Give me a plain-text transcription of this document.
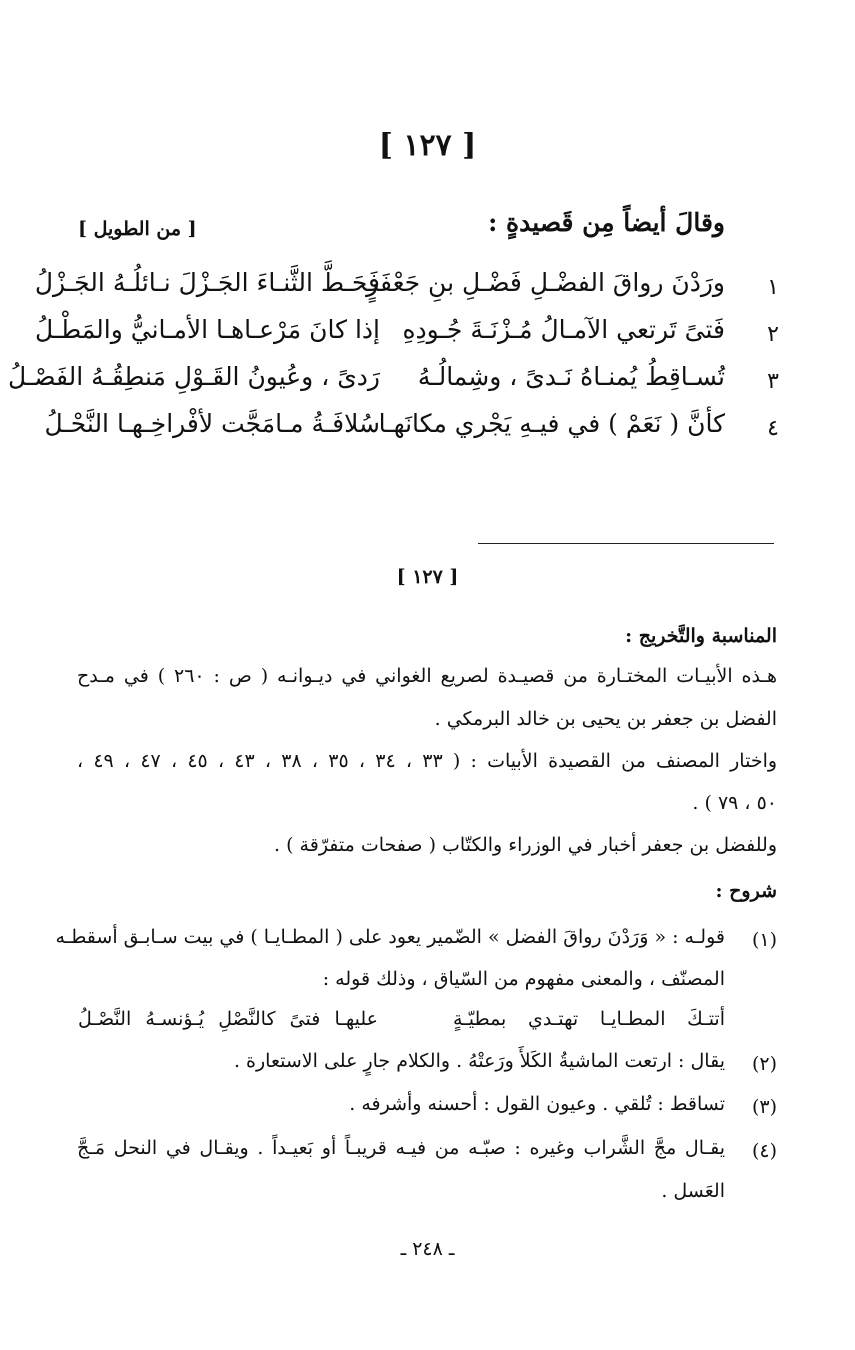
[ ١٢٧ ]
وقالَ أيضاً مِن قَصيدةٍ :
[ من الطويل ]
١
ورَدْنَ رواقَ الفضْـلِ فَضْـلِ بنِ جَعْفَرٍ
فَحَـطَّ الثَّنـاءَ الجَـزْلَ نـائلُـهُ الجَـزْلُ
٢
فَتىً تَرتعي الآمـالُ مُـزْنَـةَ جُـودِهِ
إذا كانَ مَرْعـاهـا الأمـانيُّ والمَطْـلُ
٣
تُسـاقِطُ يُمنـاهُ نَـدىً ، وشِمالُـهُ
رَدىً ، وعُيونُ القَـوْلِ مَنطِقُـهُ الفَصْـلُ
٤
كأنَّ ( نَعَمْ ) في فيـهِ يَجْري مكانَهـا
سُلافَـةُ مـامَجَّت لأفْراخِـهـا النَّحْـلُ
[ ١٢٧ ]
المناسبة والتَّخريج :
هـذه الأبيـات المختـارة من قصيـدة لصريع الغواني في ديـوانـه ( ص : ٢٦٠ ) في مـدح
الفضل بن جعفر بن يحيى بن خالد البرمكي .
واختار المصنف من القصيدة الأبيات : ( ٣٣ ، ٣٤ ، ٣٥ ، ٣٨ ، ٤٣ ، ٤٥ ، ٤٧ ، ٤٩ ،
٥٠ ، ٧٩ ) .
وللفضل بن جعفر أخبار في الوزراء والكتّاب ( صفحات متفرّقة ) .
شروح :
(١)
قولـه : « وَرَدْنَ رواقَ الفضل » الضّمير يعود على ( المطـايـا ) في بيت سـابـق أسقطـه
المصنّف ، والمعنى مفهوم من السّياق ، وذلك قوله :
أتتـكَ المطـايـا تهتـدي بمطيّـةٍ
عليهـا فتىً كالنَّصْلِ يُـؤنسـهُ النَّصْـلُ
(٢)
يقال : ارتعت الماشيةُ الكَلأَ ورَعتْهُ . والكلام جارٍ على الاستعارة .
(٣)
تساقط : تُلقي . وعيون القول : أحسنه وأشرفه .
(٤)
يقـال مجَّ الشَّراب وغيره : صبّـه من فيـه قريبـاً أو بَعيـداً . ويقـال في النحل مَـجَّ
العَسل .
ـ ٢٤٨ ـ
